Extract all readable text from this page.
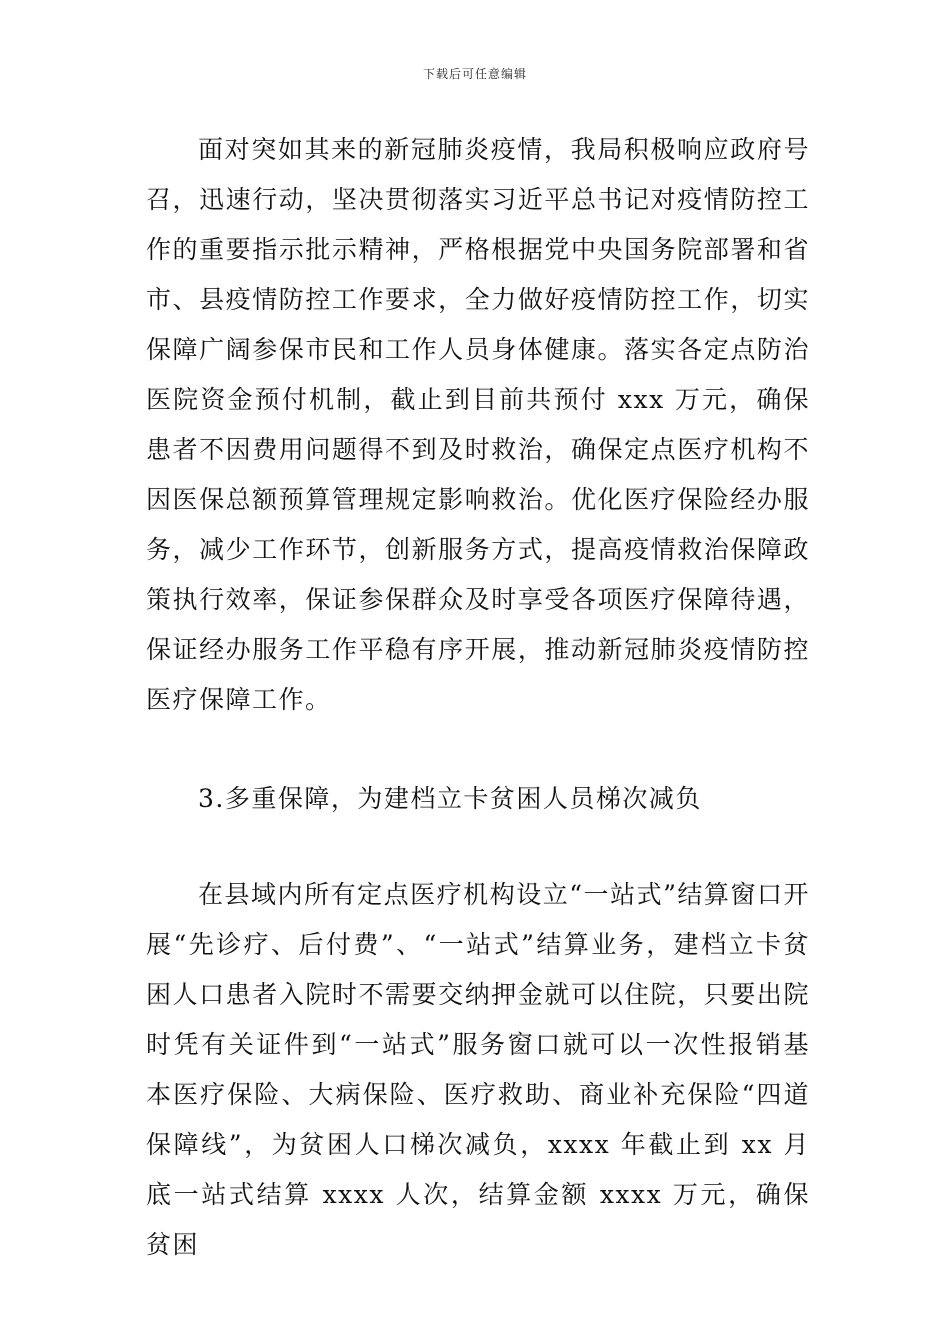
下载后可任意编辑

面对突如其来的新冠肺炎疫情，我局积极响应政府号召，迅速行动，坚决贯彻落实习近平总书记对疫情防控工作的重要指示批示精神，严格根据党中央国务院部署和省市、县疫情防控工作要求，全力做好疫情防控工作，切实保障广阔参保市民和工作人员身体健康。落实各定点防治医院资金预付机制，截止到目前共预付 xxx 万元，确保患者不因费用问题得不到及时救治，确保定点医疗机构不因医保总额预算管理规定影响救治。优化医疗保险经办服务，减少工作环节，创新服务方式，提高疫情救治保障政策执行效率，保证参保群众及时享受各项医疗保障待遇，保证经办服务工作平稳有序开展，推动新冠肺炎疫情防控医疗保障工作。

3.多重保障，为建档立卡贫困人员梯次减负

在县域内所有定点医疗机构设立“一站式”结算窗口开展“先诊疗、后付费”、“一站式”结算业务，建档立卡贫困人口患者入院时不需要交纳押金就可以住院，只要出院时凭有关证件到“一站式”服务窗口就可以一次性报销基本医疗保险、大病保险、医疗救助、商业补充保险“四道保障线”，为贫困人口梯次减负，xxxx 年截止到 xx 月底一站式结算 xxxx 人次，结算金额 xxxx 万元，确保贫困
